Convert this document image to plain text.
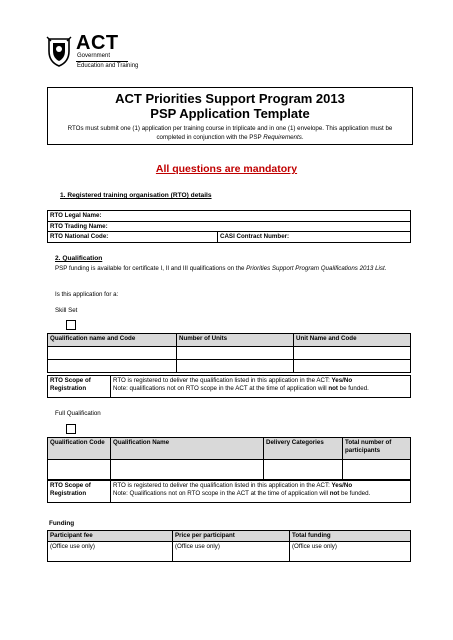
ACT
Government
Education and Training
ACT Priorities Support Program 2013
PSP Application Template
RTOs must submit one (1) application per training course in triplicate and in one (1) envelope. This application must be completed in conjunction with the PSP Requirements.
All questions are mandatory
1. Registered training organisation (RTO) details
RTO Legal Name:
RTO Trading Name:
RTO National Code:	CASI Contract Number:
2. Qualification
PSP funding is available for certificate I, II and III qualifications on the Priorities Support Program Qualifications 2013 List.
Is this application for a:
Skill Set
Qualification name and Code	Number of Units	Unit Name and Code

RTO Scope of Registration	RTO is registered to deliver the qualification listed in this application in the ACT: Yes/No
Note: qualifications not on RTO scope in the ACT at the time of application will not be funded.
Full Qualification
Qualification Code	Qualification Name	Delivery Categories	Total number of participants

RTO Scope of Registration	RTO is registered to deliver the qualification listed in this application in the ACT: Yes/No
Note: Qualifications not on RTO scope in the ACT at the time of application will not be funded.
Funding
Participant fee	Price per participant	Total funding
(Office use only)	(Office use only)	(Office use only)
